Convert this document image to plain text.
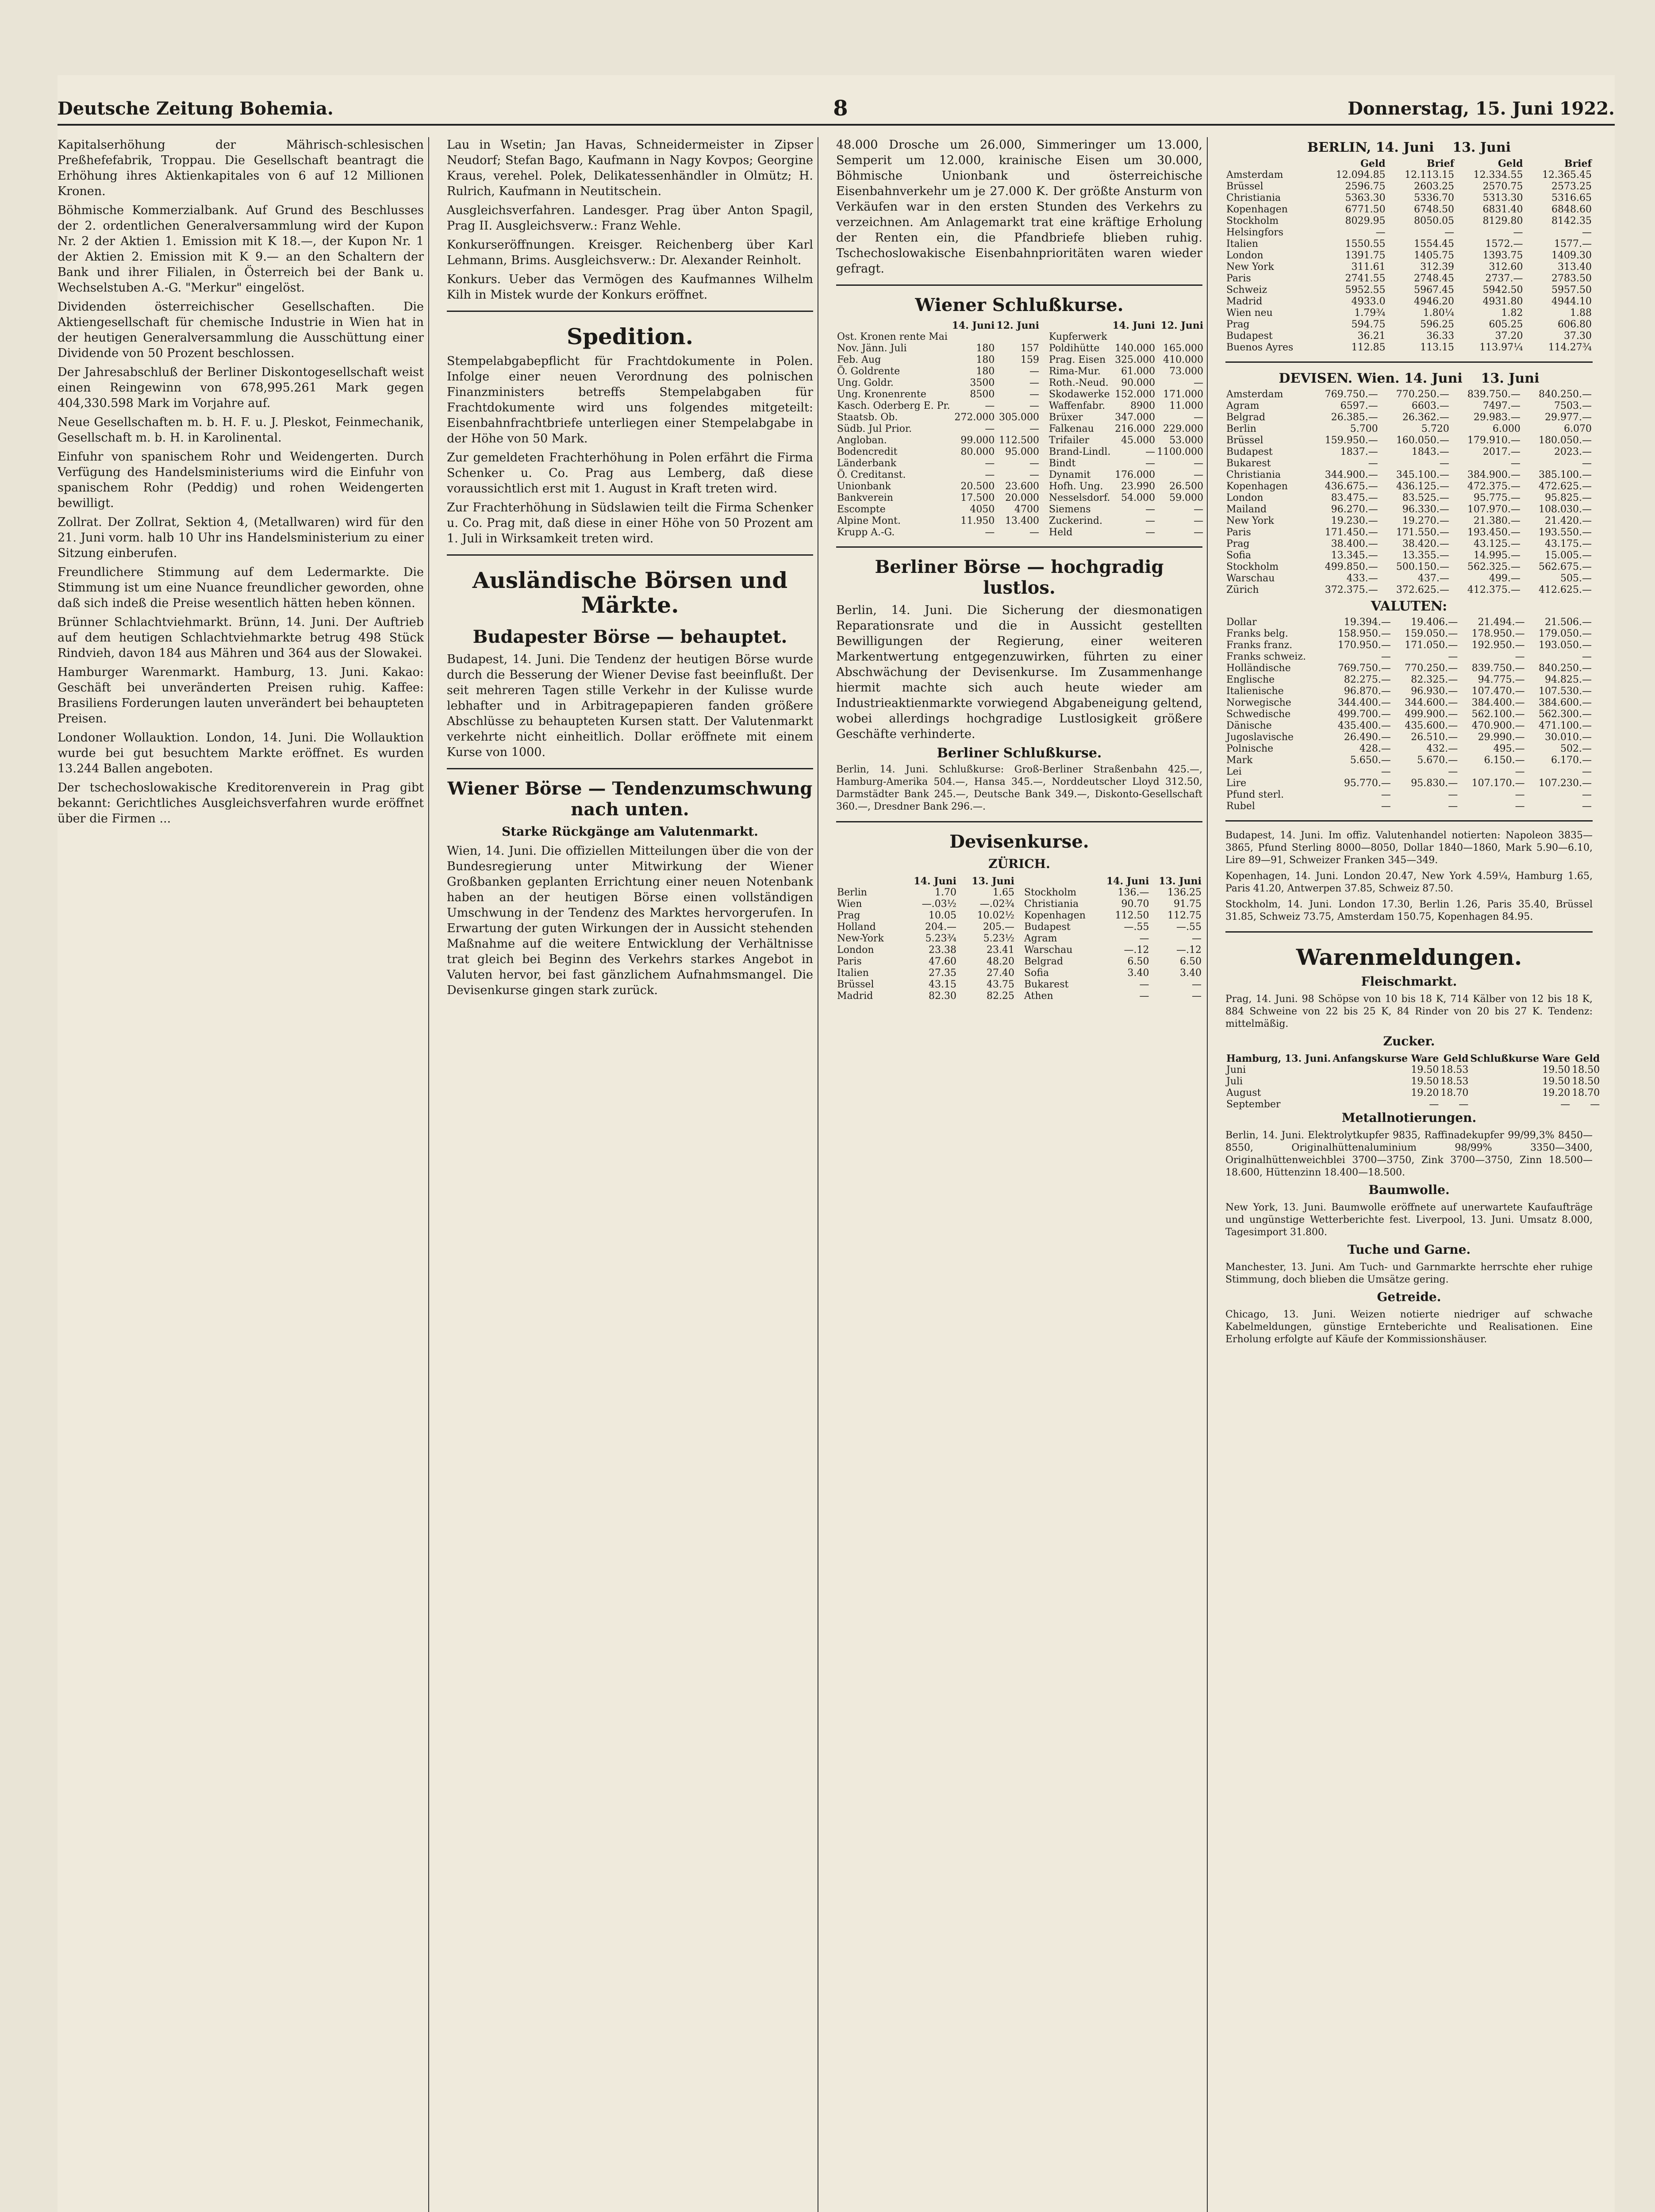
Deutsche Zeitung Bohemia.	8	Donnerstag, 15. Juni 1922.

Kapitalserhöhung der Mährisch-schlesischen Preßhefefabrik, Troppau. Die Gesellschaft beantragt die Erhöhung ihres Aktienkapitales von 6 auf 12 Millionen Kronen.

Böhmische Kommerzialbank. Auf Grund des Beschlusses der 2. ordentlichen Generalversammlung wird der Kupon Nr. 2 der Aktien 1. Emission mit K 18.—, der Kupon Nr. 1 der Aktien 2. Emission mit K 9.— an den Schaltern der Bank und ihrer Filialen, in Österreich bei der Bank u. Wechselstuben A.-G. "Merkur" eingelöst.

Dividenden österreichischer Gesellschaften. Die Aktiengesellschaft für chemische Industrie in Wien hat in der heutigen Generalversammlung die Ausschüttung einer Dividende von 50 Prozent beschlossen.

Der Jahresabschluß der Berliner Diskontogesellschaft weist einen Reingewinn von 678,995.261 Mark gegen 404,330.598 Mark im Vorjahre auf.

Neue Gesellschaften m. b. H. F. u. J. Pleskot, Feinmechanik, Gesellschaft m. b. H. in Karolinental.

Einfuhr von spanischem Rohr und Weidengerten. Durch Verfügung des Handelsministeriums wird die Einfuhr von spanischem Rohr (Peddig) und rohen Weidengerten bewilligt.

Zollrat. Der Zollrat, Sektion 4, (Metallwaren) wird für den 21. Juni vorm. halb 10 Uhr ins Handelsministerium zu einer Sitzung einberufen.

Freundlichere Stimmung auf dem Ledermarkte. Die Stimmung ist um eine Nuance freundlicher geworden, ohne daß sich indeß die Preise wesentlich hätten heben können.

Brünner Schlachtviehmarkt. Brünn, 14. Juni. Der Auftrieb auf dem heutigen Schlachtviehmarkte betrug 498 Stück Rindvieh, davon 184 aus Mähren und 364 aus der Slowakei.

Hamburger Warenmarkt. Hamburg, 13. Juni. Kakao: Geschäft bei unveränderten Preisen ruhig. Kaffee: Brasiliens Forderungen lauten unverändert bei behaupteten Preisen.

Londoner Wollauktion. London, 14. Juni. Die Wollauktion wurde bei gut besuchtem Markte eröffnet. Es wurden 13.244 Ballen angeboten.

Der tschechoslowakische Kreditorenverein in Prag gibt bekannt: Gerichtliches Ausgleichsverfahren wurde eröffnet über die Firmen ...

Lau in Wsetin; Jan Havas, Schneidermeister in Zipser Neudorf; Stefan Bago, Kaufmann in Nagy Kovpos; Georgine Kraus, verehel. Polek, Delikatessenhändler in Olmütz; H. Rulrich, Kaufmann in Neutitschein.

Ausgleichsverfahren. Landesger. Prag über Anton Spagil, Prag II. Ausgleichsverw.: Franz Wehle.

Konkurseröffnungen. Kreisger. Reichenberg über Karl Lehmann, Brims. Ausgleichsverw.: Dr. Alexander Reinholt.

Konkurs. Ueber das Vermögen des Kaufmannes Wilhelm Kilh in Mistek wurde der Konkurs eröffnet.

Spedition.

Stempelabgabepflicht für Frachtdokumente in Polen. Infolge einer neuen Verordnung des polnischen Finanzministers betreffs Stempelabgaben für Frachtdokumente wird uns folgendes mitgeteilt: Eisenbahnfrachtbriefe unterliegen einer Stempelabgabe in der Höhe von 50 Mark.

Zur gemeldeten Frachterhöhung in Polen erfährt die Firma Schenker u. Co. Prag aus Lemberg, daß diese voraussichtlich erst mit 1. August in Kraft treten wird.

Zur Frachterhöhung in Südslawien teilt die Firma Schenker u. Co. Prag mit, daß diese in einer Höhe von 50 Prozent am 1. Juli in Wirksamkeit treten wird.

Ausländische Börsen und Märkte.
Budapester Börse — behauptet.

Budapest, 14. Juni. Die Tendenz der heutigen Börse wurde durch die Besserung der Wiener Devise fast beeinflußt. Der seit mehreren Tagen stille Verkehr in der Kulisse wurde lebhafter und in Arbitragepapieren fanden größere Abschlüsse zu behaupteten Kursen statt. Der Valutenmarkt verkehrte nicht einheitlich. Dollar eröffnete mit einem Kurse von 1000.

Wiener Börse — Tendenzumschwung nach unten.
Starke Rückgänge am Valutenmarkt.

Wien, 14. Juni. Die offiziellen Mitteilungen über die von der Bundesregierung unter Mitwirkung der Wiener Großbanken geplanten Errichtung einer neuen Notenbank haben an der heutigen Börse einen vollständigen Umschwung in der Tendenz des Marktes hervorgerufen. In Erwartung der guten Wirkungen der in Aussicht stehenden Maßnahme auf die weitere Entwicklung der Verhältnisse trat gleich bei Beginn des Verkehrs starkes Angebot in Valuten hervor, bei fast gänzlichem Aufnahmsmangel. Die Devisenkurse gingen stark zurück.

48.000 Drosche um 26.000, Simmeringer um 13.000, Semperit um 12.000, krainische Eisen um 30.000, Böhmische Unionbank und österreichische Eisenbahnverkehr um je 27.000 K. Der größte Ansturm von Verkäufen war in den ersten Stunden des Verkehrs zu verzeichnen. Am Anlagemarkt trat eine kräftige Erholung der Renten ein, die Pfandbriefe blieben ruhig. Tschechoslowakische Eisenbahnprioritäten waren wieder gefragt.

Wiener Schlußkurse.
	14. Juni	12. Juni
Ost. Kronen rente Mai		
Nov. Jänn. Juli	180	157
Feb. Aug	180	159
Ö. Goldrente	180	—
Ung. Goldr.	3500	—
Ung. Kronenrente	8500	—
Kasch. Oderberg E. Pr.	—	—
Staatsb. Ob.	272.000	305.000
Südb. Jul Prior.	—	—
Angloban.	99.000	112.500
Bodencredit	80.000	95.000
Länderbank	—	—
Ö. Creditanst.	—	—
Unionbank	20.500	23.600
Bankverein	17.500	20.000
Escompte	4050	4700
Alpine Mont.	11.950	13.400
Krupp A.-G.	—	—
	14. Juni	12. Juni
Kupferwerk		
Poldihütte	140.000	165.000
Prag. Eisen	325.000	410.000
Rima-Mur.	61.000	73.000
Roth.-Neud.	90.000	—
Skodawerke	152.000	171.000
Waffenfabr.	8900	11.000
Brüxer	347.000	—
Falkenau	216.000	229.000
Trifailer	45.000	53.000
Brand-Lindl.	—	1100.000
Bindt	—	—
Dynamit	176.000	—
Hofh. Ung.	23.990	26.500
Nesselsdorf.	54.000	59.000
Siemens	—	—
Zuckerind.	—	—
Held	—	—
Berliner Börse — hochgradig lustlos.

Berlin, 14. Juni. Die Sicherung der diesmonatigen Reparationsrate und die in Aussicht gestellten Bewilligungen der Regierung, einer weiteren Markentwertung entgegenzuwirken, führten zu einer Abschwächung der Devisenkurse. Im Zusammenhange hiermit machte sich auch heute wieder am Industrieaktienmarkte vorwiegend Abgabeneigung geltend, wobei allerdings hochgradige Lustlosigkeit größere Geschäfte verhinderte.

Berliner Schlußkurse.

Berlin, 14. Juni. Schlußkurse: Groß-Berliner Straßenbahn 425.—, Hamburg-Amerika 504.—, Hansa 345.—, Norddeutscher Lloyd 312.50, Darmstädter Bank 245.—, Deutsche Bank 349.—, Diskonto-Gesellschaft 360.—, Dresdner Bank 296.—.

Devisenkurse.
ZÜRICH.
	14. Juni	13. Juni
Berlin	1.70	1.65
Wien	—.03½	—.02¾
Prag	10.05	10.02½
Holland	204.—	205.—
New-York	5.23¾	5.23½
London	23.38	23.41
Paris	47.60	48.20
Italien	27.35	27.40
Brüssel	43.15	43.75
Madrid	82.30	82.25
	14. Juni	13. Juni
Stockholm	136.—	136.25
Christiania	90.70	91.75
Kopenhagen	112.50	112.75
Budapest	—.55	—.55
Agram	—	—
Warschau	—.12	—.12
Belgrad	6.50	6.50
Sofia	3.40	3.40
Bukarest	—	—
Athen	—	—
BERLIN, 14. Juni 13. Juni
	Geld	Brief	Geld	Brief
Amsterdam	12.094.85	12.113.15	12.334.55	12.365.45
Brüssel	2596.75	2603.25	2570.75	2573.25
Christiania	5363.30	5336.70	5313.30	5316.65
Kopenhagen	6771.50	6748.50	6831.40	6848.60
Stockholm	8029.95	8050.05	8129.80	8142.35
Helsingfors	—	—	—	—
Italien	1550.55	1554.45	1572.—	1577.—
London	1391.75	1405.75	1393.75	1409.30
New York	311.61	312.39	312.60	313.40
Paris	2741.55	2748.45	2737.—	2783.50
Schweiz	5952.55	5967.45	5942.50	5957.50
Madrid	4933.0	4946.20	4931.80	4944.10
Wien neu	1.79¾	1.80¼	1.82	1.88
Prag	594.75	596.25	605.25	606.80
Budapest	36.21	36.33	37.20	37.30
Buenos Ayres	112.85	113.15	113.97¼	114.27¾
DEVISEN. Wien. 14. Juni 13. Juni
Amsterdam	769.750.—	770.250.—	839.750.—	840.250.—
Agram	6597.—	6603.—	7497.—	7503.—
Belgrad	26.385.—	26.362.—	29.983.—	29.977.—
Berlin	5.700	5.720	6.000	6.070
Brüssel	159.950.—	160.050.—	179.910.—	180.050.—
Budapest	1837.—	1843.—	2017.—	2023.—
Bukarest	—	—	—	—
Christiania	344.900.—	345.100.—	384.900.—	385.100.—
Kopenhagen	436.675.—	436.125.—	472.375.—	472.625.—
London	83.475.—	83.525.—	95.775.—	95.825.—
Mailand	96.270.—	96.330.—	107.970.—	108.030.—
New York	19.230.—	19.270.—	21.380.—	21.420.—
Paris	171.450.—	171.550.—	193.450.—	193.550.—
Prag	38.400.—	38.420.—	43.125.—	43.175.—
Sofia	13.345.—	13.355.—	14.995.—	15.005.—
Stockholm	499.850.—	500.150.—	562.325.—	562.675.—
Warschau	433.—	437.—	499.—	505.—
Zürich	372.375.—	372.625.—	412.375.—	412.625.—
VALUTEN:
Dollar	19.394.—	19.406.—	21.494.—	21.506.—
Franks belg.	158.950.—	159.050.—	178.950.—	179.050.—
Franks franz.	170.950.—	171.050.—	192.950.—	193.050.—
Franks schweiz.	—	—	—	—
Holländische	769.750.—	770.250.—	839.750.—	840.250.—
Englische	82.275.—	82.325.—	94.775.—	94.825.—
Italienische	96.870.—	96.930.—	107.470.—	107.530.—
Norwegische	344.400.—	344.600.—	384.400.—	384.600.—
Schwedische	499.700.—	499.900.—	562.100.—	562.300.—
Dänische	435.400.—	435.600.—	470.900.—	471.100.—
Jugoslavische	26.490.—	26.510.—	29.990.—	30.010.—
Polnische	428.—	432.—	495.—	502.—
Mark	5.650.—	5.670.—	6.150.—	6.170.—
Lei	—	—	—	—
Lire	95.770.—	95.830.—	107.170.—	107.230.—
Pfund sterl.	—	—	—	—
Rubel	—	—	—	—

Budapest, 14. Juni. Im offiz. Valutenhandel notierten: Napoleon 3835—3865, Pfund Sterling 8000—8050, Dollar 1840—1860, Mark 5.90—6.10, Lire 89—91, Schweizer Franken 345—349.

Kopenhagen, 14. Juni. London 20.47, New York 4.59¼, Hamburg 1.65, Paris 41.20, Antwerpen 37.85, Schweiz 87.50.

Stockholm, 14. Juni. London 17.30, Berlin 1.26, Paris 35.40, Brüssel 31.85, Schweiz 73.75, Amsterdam 150.75, Kopenhagen 84.95.

Warenmeldungen.
Fleischmarkt.

Prag, 14. Juni. 98 Schöpse von 10 bis 18 K, 714 Kälber von 12 bis 18 K, 884 Schweine von 22 bis 25 K, 84 Rinder von 20 bis 27 K. Tendenz: mittelmäßig.

Zucker.
Hamburg, 13. Juni.	Anfangskurse Ware	Geld	Schlußkurse Ware	Geld
Juni	19.50	18.53	19.50	18.50
Juli	19.50	18.53	19.50	18.50
August	19.20	18.70	19.20	18.70
September	—	—	—	—
Metallnotierungen.

Berlin, 14. Juni. Elektrolytkupfer 9835, Raffinadekupfer 99/99,3% 8450—8550, Originalhüttenaluminium 98/99% 3350—3400, Originalhüttenweichblei 3700—3750, Zink 3700—3750, Zinn 18.500—18.600, Hüttenzinn 18.400—18.500.

Baumwolle.

New York, 13. Juni. Baumwolle eröffnete auf unerwartete Kaufaufträge und ungünstige Wetterberichte fest. Liverpool, 13. Juni. Umsatz 8.000, Tagesimport 31.800.

Tuche und Garne.

Manchester, 13. Juni. Am Tuch- und Garnmarkte herrschte eher ruhige Stimmung, doch blieben die Umsätze gering.

Getreide.

Chicago, 13. Juni. Weizen notierte niedriger auf schwache Kabelmeldungen, günstige Ernteberichte und Realisationen. Eine Erholung erfolgte auf Käufe der Kommissionshäuser.
